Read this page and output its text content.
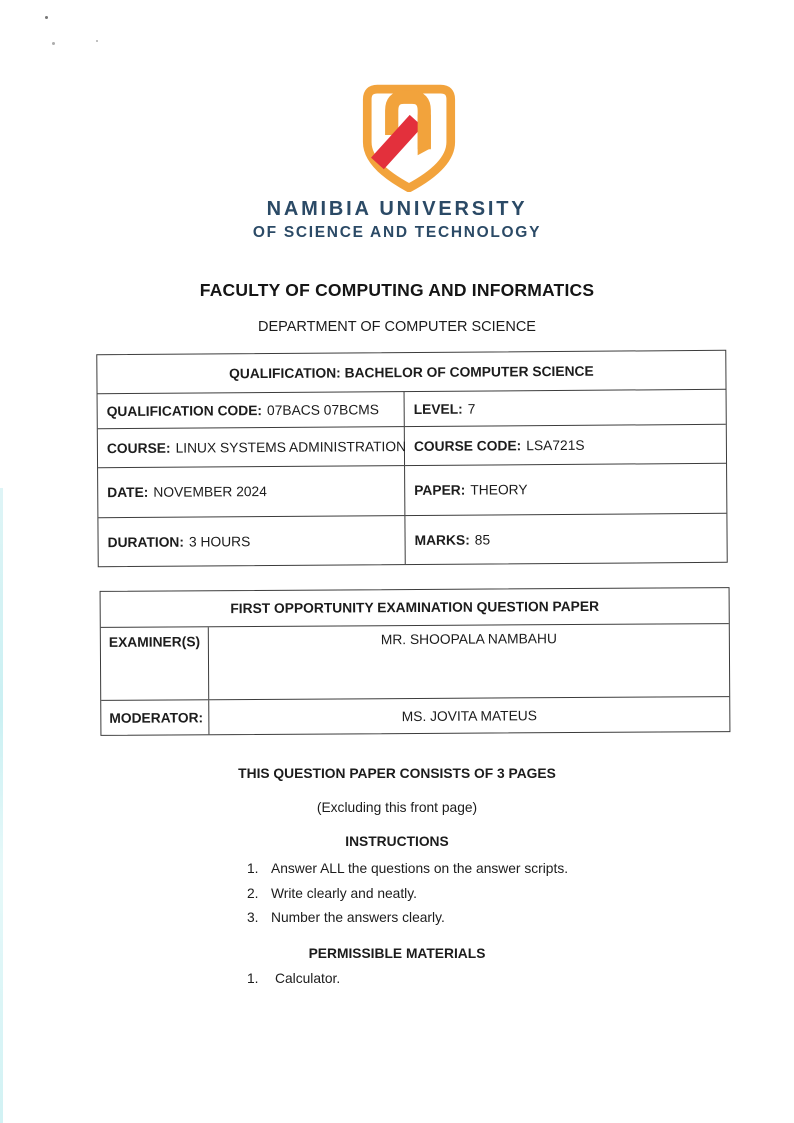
NAMIBIA UNIVERSITY
OF SCIENCE AND TECHNOLOGY
FACULTY OF COMPUTING AND INFORMATICS
DEPARTMENT OF COMPUTER SCIENCE
QUALIFICATION: BACHELOR OF COMPUTER SCIENCE
QUALIFICATION CODE: 07BACS 07BCMS	LEVEL: 7
COURSE: LINUX SYSTEMS ADMINISTRATION COURSE CODE: LSA721S
DATE: NOVEMBER 2024	PAPER: THEORY
DURATION: 3 HOURS	MARKS: 85
FIRST OPPORTUNITY EXAMINATION QUESTION PAPER
EXAMINER(S)	MR. SHOOPALA NAMBAHU
MODERATOR:	MS. JOVITA MATEUS
THIS QUESTION PAPER CONSISTS OF 3 PAGES
(Excluding this front page)
INSTRUCTIONS
1. Answer ALL the questions on the answer scripts.
2. Write clearly and neatly.
3. Number the answers clearly.
PERMISSIBLE MATERIALS
1.	Calculator.
